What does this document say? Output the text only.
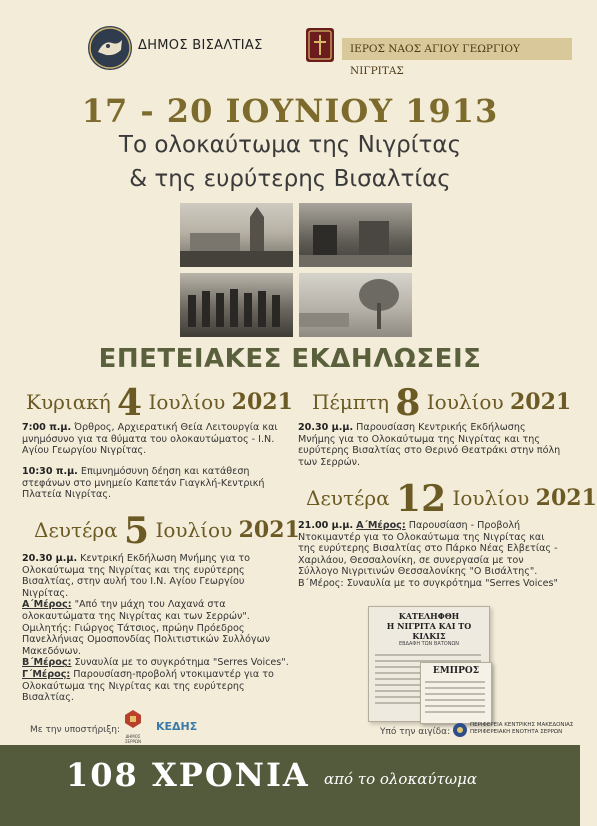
ΔΗΜΟΣ ΒΙΣΑΛΤΙΑΣ	ΙΕΡΟΣ ΝΑΟΣ ΑΓΙΟΥ ΓΕΩΡΓΙΟΥ ΝΙΓΡΙΤΑΣ
17 - 20 ΙΟΥΝΙΟΥ 1913
Το ολοκαύτωμα της Νιγρίτας
& της ευρύτερης Βισαλτίας
ΕΠΕΤΕΙΑΚΕΣ ΕΚΔΗΛΩΣΕΙΣ
Κυριακή 4 Ιουλίου 2021
7:00 π.μ. Όρθρος, Αρχιερατική Θεία Λειτουργία και μνημόσυνο για τα θύματα του ολοκαυτώματος - Ι.Ν. Αγίου Γεωργίου Νιγρίτας.
10:30 π.μ. Επιμνημόσυνη δέηση και κατάθεση στεφάνων στο μνημείο Καπετάν Γιαγκλή-Κεντρική Πλατεία Νιγρίτας.
Δευτέρα 5 Ιουλίου 2021
20.30 μ.μ. Κεντρική Εκδήλωση Μνήμης για το Ολοκαύτωμα της Νιγρίτας και της ευρύτερης Βισαλτίας, στην αυλή του Ι.Ν. Αγίου Γεωργίου Νιγρίτας.
Α΄Μέρος: "Από την μάχη του Λαχανά στα ολοκαυτώματα της Νιγρίτας και των Σερρών". Ομιλητής: Γιώργος Τάτσιος, πρώην Πρόεδρος Πανελλήνιας Ομοσπονδίας Πολιτιστικών Συλλόγων Μακεδόνων.
Β΄Μέρος: Συναυλία με το συγκρότημα "Serres Voices".
Γ΄Μέρος: Παρουσίαση-προβολή ντοκιμαντέρ για το Ολοκαύτωμα της Νιγρίτας και της ευρύτερης Βισαλτίας.
Πέμπτη 8 Ιουλίου 2021
20.30 μ.μ. Παρουσίαση Κεντρικής Εκδήλωσης Μνήμης για το Ολοκαύτωμα της Νιγρίτας και της ευρύτερης Βισαλτίας στο Θερινό Θεατράκι στην πόλη των Σερρών.
Δευτέρα 12 Ιουλίου 2021
21.00 μ.μ. Α΄Μέρος: Παρουσίαση - Προβολή Ντοκιμαντέρ για το Ολοκαύτωμα της Νιγρίτας και της ευρύτερης Βισαλτίας στο Πάρκο Νέας Ελβετίας - Χαριλάου, Θεσσαλονίκη, σε συνεργασία με τον Σύλλογο Νιγριτινών Θεσσαλονίκης "Ο Βισάλτης".
Β΄Μέρος: Συναυλία με το συγκρότημα "Serres Voices"
ΚΑΤΕΛΗΦΘΗ
Η ΝΙΓΡΙΤΑ ΚΑΙ ΤΟ ΚΙΛΚΙΣ
ΕΒΔΑΦΗ ΤΩΝ ΒΑΤΟΝΩΝ
ΕΜΠΡΟΣ
Με την υποστήριξη:
ΔΗΜΟΣ ΣΕΡΡΩΝ
ΚΕΔΗΣ	Υπό την αιγίδα:
ΠΕΡΙΦΕΡΕΙΑ ΚΕΝΤΡΙΚΗΣ ΜΑΚΕΔΟΝΙΑΣ
ΠΕΡΙΦΕΡΕΙΑΚΗ ΕΝΟΤΗΤΑ ΣΕΡΡΩΝ
108 ΧΡΟΝΙΑ από το ολοκαύτωμα
